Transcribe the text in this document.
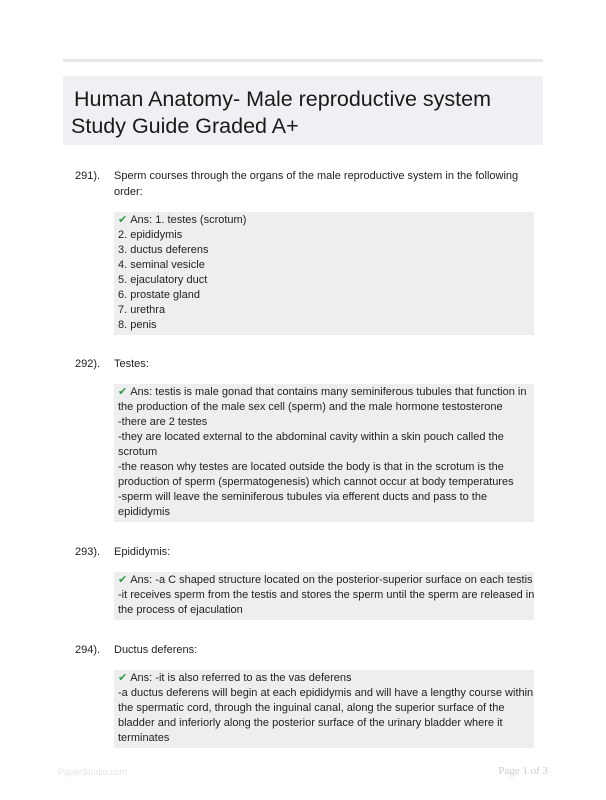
Human Anatomy- Male reproductive system
Study Guide Graded A+
291). Sperm courses through the organs of the male reproductive system in the following order:
✔ Ans: 1. testes (scrotum)
2. epididymis
3. ductus deferens
4. seminal vesicle
5. ejaculatory duct
6. prostate gland
7. urethra
8. penis
292). Testes:
✔ Ans: testis is male gonad that contains many seminiferous tubules that function in
the production of the male sex cell (sperm) and the male hormone testosterone
-there are 2 testes
-they are located external to the abdominal cavity within a skin pouch called the
scrotum
-the reason why testes are located outside the body is that in the scrotum is the
production of sperm (spermatogenesis) which cannot occur at body temperatures
-sperm will leave the seminiferous tubules via efferent ducts and pass to the
epididymis
293). Epididymis:
✔ Ans: -a C shaped structure located on the posterior-superior surface on each testis
-it receives sperm from the testis and stores the sperm until the sperm are released in
the process of ejaculation
294). Ductus deferens:
✔ Ans: -it is also referred to as the vas deferens
-a ductus deferens will begin at each epididymis and will have a lengthy course within
the spermatic cord, through the inguinal canal, along the superior surface of the
bladder and inferiorly along the posterior surface of the urinary bladder where it
terminates
PaperStudio.com	Page 1 of 3
